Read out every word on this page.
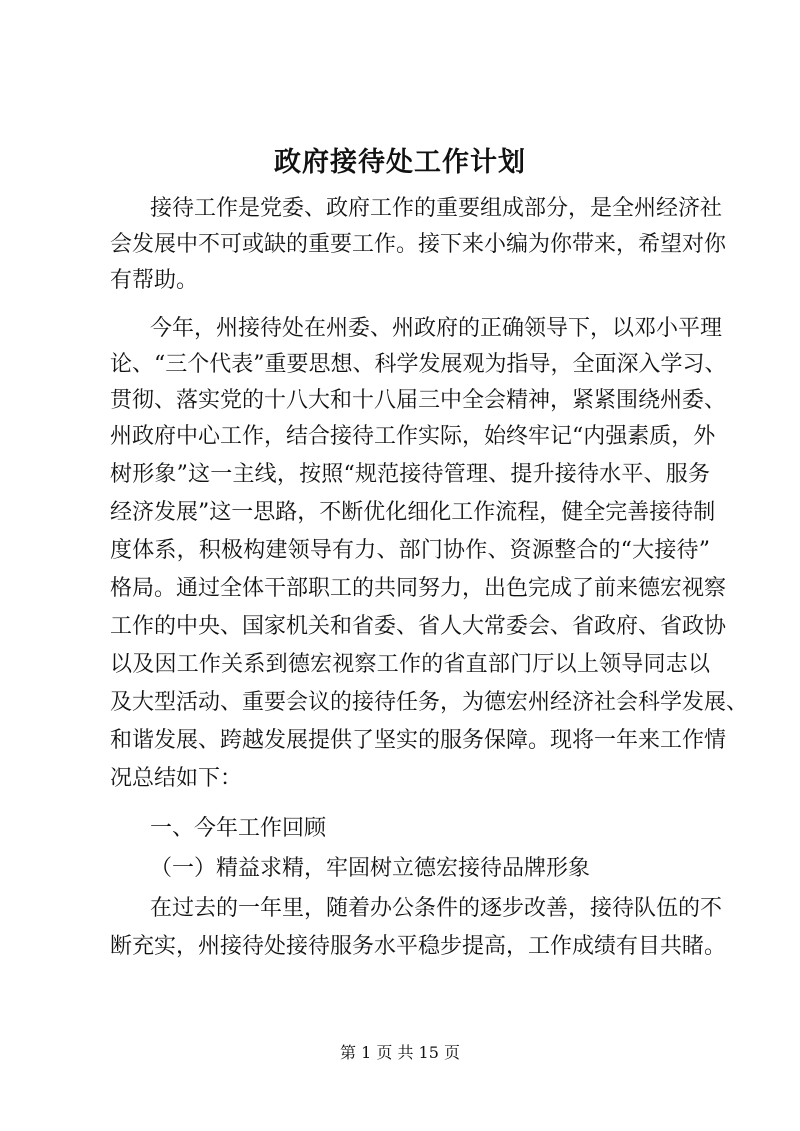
政府接待处工作计划
接待工作是党委、政府工作的重要组成部分，是全州经济社
会发展中不可或缺的重要工作。接下来小编为你带来，希望对你
有帮助。
今年，州接待处在州委、州政府的正确领导下，以邓小平理
论、“三个代表”重要思想、科学发展观为指导，全面深入学习、
贯彻、落实党的十八大和十八届三中全会精神，紧紧围绕州委、
州政府中心工作，结合接待工作实际，始终牢记“内强素质，外
树形象”这一主线，按照“规范接待管理、提升接待水平、服务
经济发展”这一思路，不断优化细化工作流程，健全完善接待制
度体系，积极构建领导有力、部门协作、资源整合的“大接待”
格局。通过全体干部职工的共同努力，出色完成了前来德宏视察
工作的中央、国家机关和省委、省人大常委会、省政府、省政协
以及因工作关系到德宏视察工作的省直部门厅以上领导同志以
及大型活动、重要会议的接待任务，为德宏州经济社会科学发展、
和谐发展、跨越发展提供了坚实的服务保障。现将一年来工作情
况总结如下：
一、今年工作回顾
（一）精益求精，牢固树立德宏接待品牌形象
在过去的一年里，随着办公条件的逐步改善，接待队伍的不
断充实，州接待处接待服务水平稳步提高，工作成绩有目共睹。
第 1 页 共 15 页
